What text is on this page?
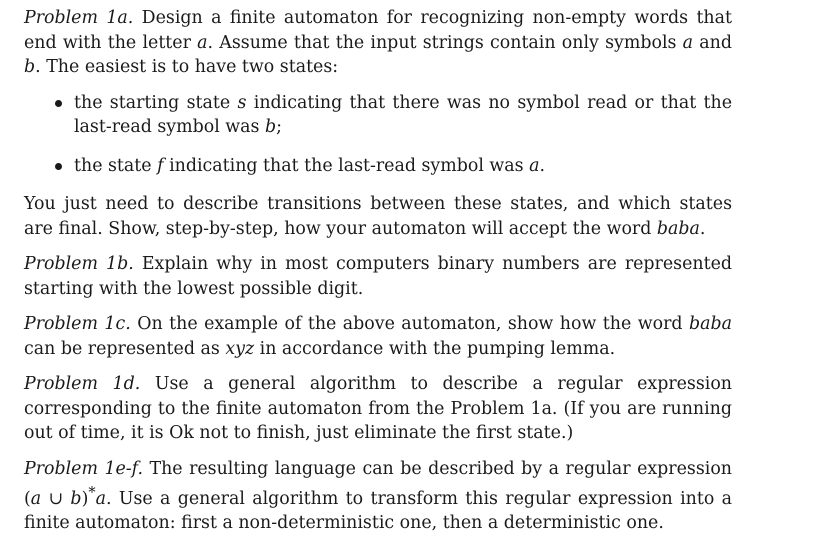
Problem 1a. Design a finite automaton for recognizing non-empty words that end with the letter a. Assume that the input strings contain only symbols a and b. The easiest is to have two states:

the starting state s indicating that there was no symbol read or that the last-read symbol was b;
the state f indicating that the last-read symbol was a.

You just need to describe transitions between these states, and which states are final. Show, step-by-step, how your automaton will accept the word baba.

Problem 1b. Explain why in most computers binary numbers are represented starting with the lowest possible digit.

Problem 1c. On the example of the above automaton, show how the word baba can be represented as xyz in accordance with the pumping lemma.

Problem 1d. Use a general algorithm to describe a regular expression corresponding to the finite automaton from the Problem 1a. (If you are running out of time, it is Ok not to finish, just eliminate the first state.)

Problem 1e-f. The resulting language can be described by a regular expression (a ∪ b)*a. Use a general algorithm to transform this regular expression into a finite automaton: first a non-deterministic one, then a deterministic one.
